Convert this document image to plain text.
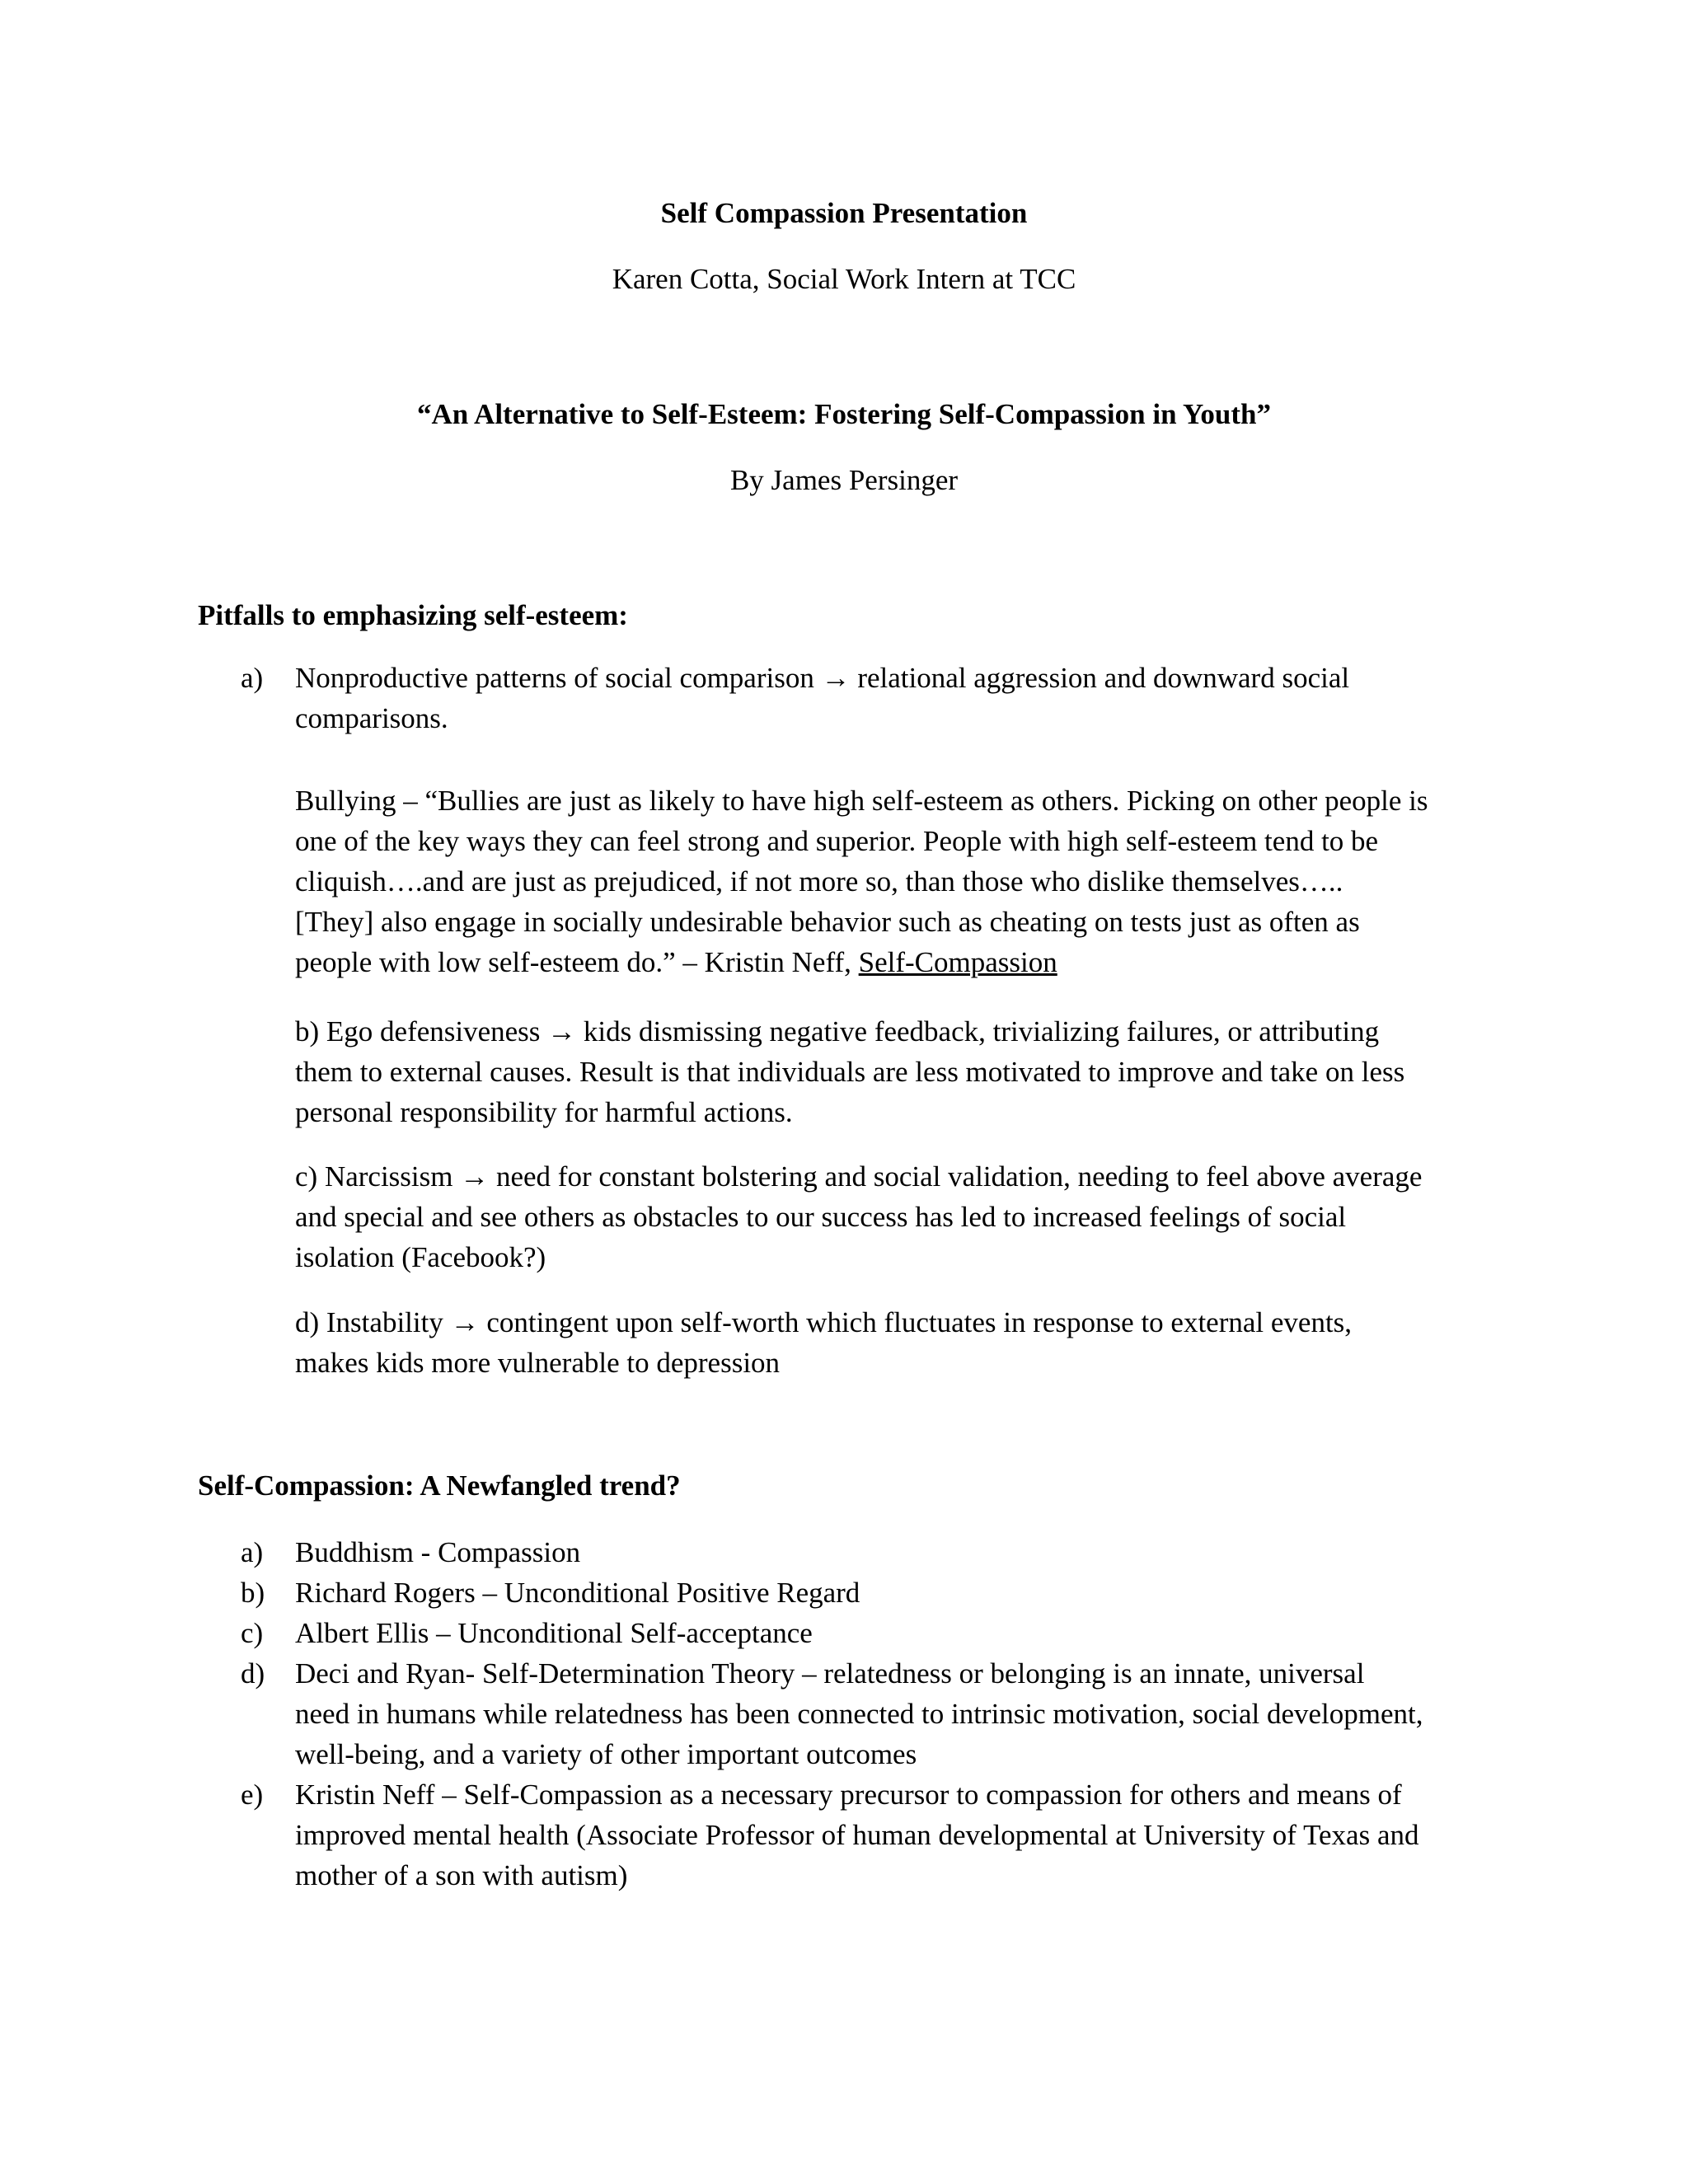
Self Compassion Presentation
Karen Cotta, Social Work Intern at TCC
“An Alternative to Self-Esteem: Fostering Self-Compassion in Youth”
By James Persinger
Pitfalls to emphasizing self-esteem:
a)	Nonproductive patterns of social comparison → relational aggression and downward social
comparisons.
Bullying – “Bullies are just as likely to have high self-esteem as others. Picking on other people is
one of the key ways they can feel strong and superior. People with high self-esteem tend to be
cliquish….and are just as prejudiced, if not more so, than those who dislike themselves…..
[They] also engage in socially undesirable behavior such as cheating on tests just as often as
people with low self-esteem do.” – Kristin Neff, Self-Compassion
b) Ego defensiveness → kids dismissing negative feedback, trivializing failures, or attributing
them to external causes. Result is that individuals are less motivated to improve and take on less
personal responsibility for harmful actions.
c) Narcissism → need for constant bolstering and social validation, needing to feel above average
and special and see others as obstacles to our success has led to increased feelings of social
isolation (Facebook?)
d) Instability → contingent upon self-worth which fluctuates in response to external events,
makes kids more vulnerable to depression
Self-Compassion: A Newfangled trend?
a)	Buddhism - Compassion
b)	Richard Rogers – Unconditional Positive Regard
c)	Albert Ellis – Unconditional Self-acceptance
d)	Deci and Ryan- Self-Determination Theory – relatedness or belonging is an innate, universal
need in humans while relatedness has been connected to intrinsic motivation, social development,
well-being, and a variety of other important outcomes
e)	Kristin Neff – Self-Compassion as a necessary precursor to compassion for others and means of
improved mental health (Associate Professor of human developmental at University of Texas and
mother of a son with autism)
